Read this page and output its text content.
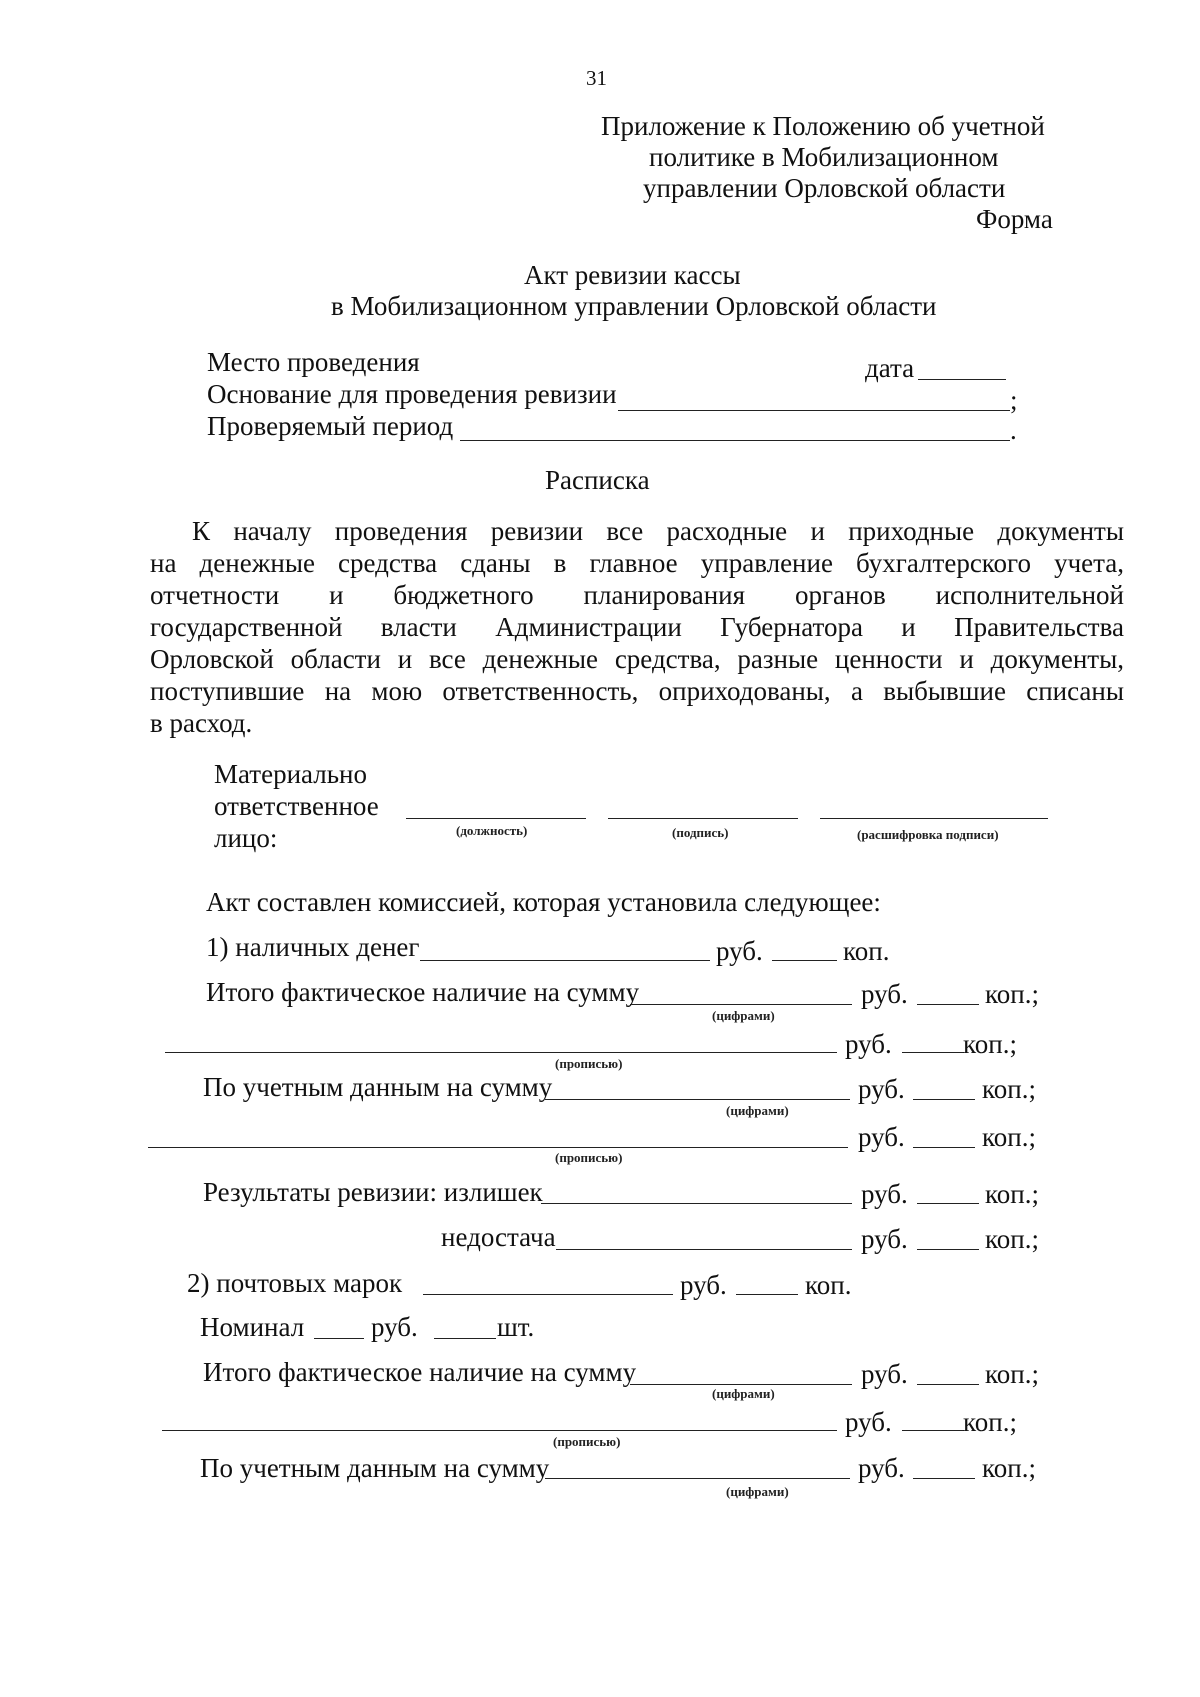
31
Приложение к Положению об учетной
политике в Мобилизационном
управлении Орловской области
Форма
Акт ревизии кассы
в Мобилизационном управлении Орловской области
Место проведения	дата
Основание для проведения ревизии	;
Проверяемый период	.
Расписка
К началу проведения ревизии все расходные и приходные документы
на денежные средства сданы в главное управление бухгалтерского учета,
отчетности и бюджетного планирования органов исполнительной
государственной власти Администрации Губернатора и Правительства
Орловской области и все денежные средства, разные ценности и документы,
поступившие на мою ответственность, оприходованы, а выбывшие списаны
в расход.
Материально
ответственное
лицо:	(должность)	(подпись)	(расшифровка подписи)
Акт составлен комиссией, которая установила следующее:
1) наличных денег	руб.	коп.
Итого фактическое наличие на сумму	руб.	коп.;
(цифрами)
руб.	коп.;
(прописью)
По учетным данным на сумму	руб.	коп.;
(цифрами)
руб.	коп.;
(прописью)
Результаты ревизии: излишек	руб.	коп.;
недостача	руб.	коп.;
2) почтовых марок	руб.	коп.
Номинал руб.	шт.
Итого фактическое наличие на сумму	руб.	коп.;
(цифрами)
руб.	коп.;
(прописью)
По учетным данным на сумму	руб.	коп.;
(цифрами)
